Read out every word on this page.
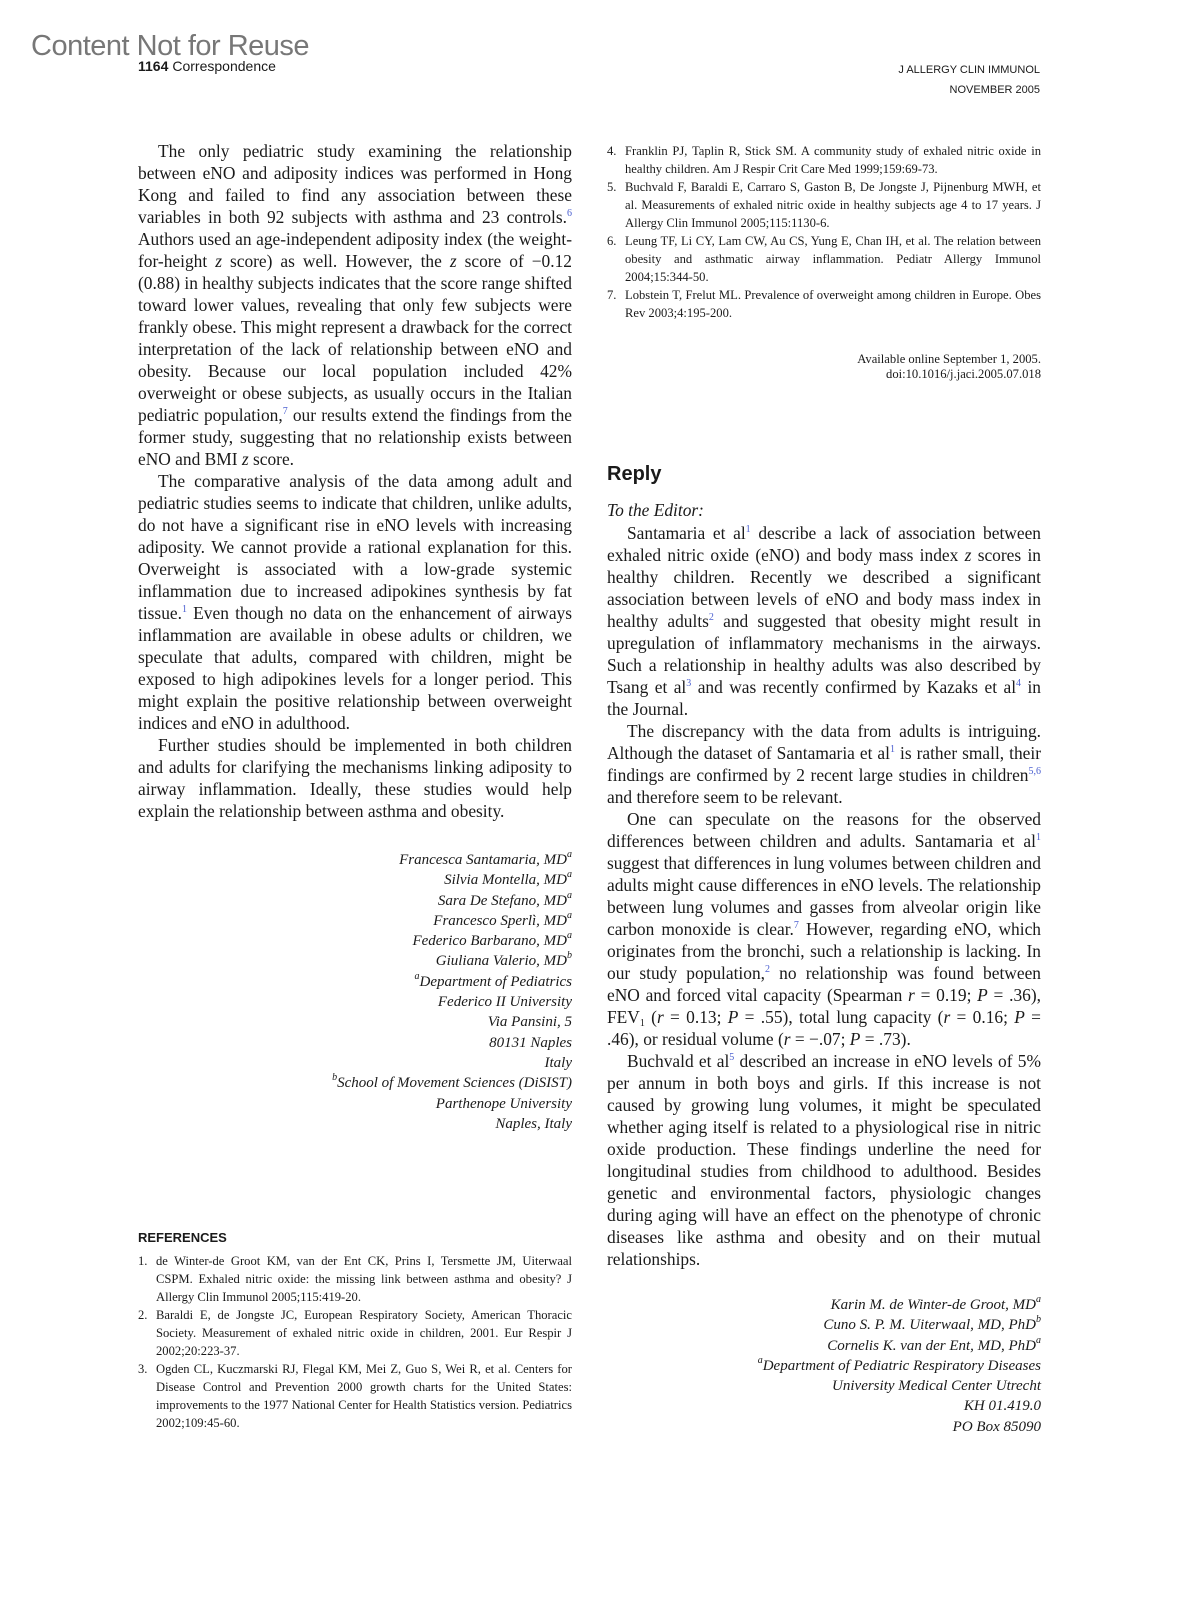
Content Not for Reuse
1164 Correspondence	J ALLERGY CLIN IMMUNOL
NOVEMBER 2005

The only pediatric study examining the relationship between eNO and adiposity indices was performed in Hong Kong and failed to find any association between these variables in both 92 subjects with asthma and 23 controls.$^6$ Authors used an age-independent adiposity index (the weight-for-height z score) as well. However, the z score of −0.12 (0.88) in healthy subjects indicates that the score range shifted toward lower values, revealing that only few subjects were frankly obese. This might represent a drawback for the correct interpretation of the lack of relationship between eNO and obesity. Because our local population included 42% overweight or obese subjects, as usually occurs in the Italian pediatric population,$^7$ our results extend the findings from the former study, suggesting that no relationship exists between eNO and BMI z score.

The comparative analysis of the data among adult and pediatric studies seems to indicate that children, unlike adults, do not have a significant rise in eNO levels with increasing adiposity. We cannot provide a rational explanation for this. Overweight is associated with a low-grade systemic inflammation due to increased adipokines synthesis by fat tissue.$^1$ Even though no data on the enhancement of airways inflammation are available in obese adults or children, we speculate that adults, compared with children, might be exposed to high adipokines levels for a longer period. This might explain the positive relationship between overweight indices and eNO in adulthood.

Further studies should be implemented in both children and adults for clarifying the mechanisms linking adiposity to airway inflammation. Ideally, these studies would help explain the relationship between asthma and obesity.

Francesca Santamaria, $MD^a$
Silvia Montella, $MD^a$
Sara De Stefano, $MD^a$
Francesco Sperlì, $MD^a$
Federico Barbarano, $MD^a$
Giuliana Valerio, $MD^b$
$^a$Department of Pediatrics
Federico II University
Via Pansini, 5
80131 Naples
Italy
$^b$School of Movement Sciences (DiSIST)
Parthenope University
Naples, Italy
REFERENCES
1. de Winter-de Groot KM, van der Ent CK, Prins I, Tersmette JM, Uiterwaal CSPM. Exhaled nitric oxide: the missing link between asthma and obesity? J Allergy Clin Immunol 2005;115:419-20.
2. Baraldi E, de Jongste JC, European Respiratory Society, American Thoracic Society. Measurement of exhaled nitric oxide in children, 2001. Eur Respir J 2002;20:223-37.
3. Ogden CL, Kuczmarski RJ, Flegal KM, Mei Z, Guo S, Wei R, et al. Centers for Disease Control and Prevention 2000 growth charts for the United States: improvements to the 1977 National Center for Health Statistics version. Pediatrics 2002;109:45-60.
4. Franklin PJ, Taplin R, Stick SM. A community study of exhaled nitric oxide in healthy children. Am J Respir Crit Care Med 1999;159:69-73.
5. Buchvald F, Baraldi E, Carraro S, Gaston B, De Jongste J, Pijnenburg MWH, et al. Measurements of exhaled nitric oxide in healthy subjects age 4 to 17 years. J Allergy Clin Immunol 2005;115:1130-6.
6. Leung TF, Li CY, Lam CW, Au CS, Yung E, Chan IH, et al. The relation between obesity and asthmatic airway inflammation. Pediatr Allergy Immunol 2004;15:344-50.
7. Lobstein T, Frelut ML. Prevalence of overweight among children in Europe. Obes Rev 2003;4:195-200.
Available online September 1, 2005.
doi:10.1016/j.jaci.2005.07.018
Reply
To the Editor:

Santamaria et al$^1$ describe a lack of association between exhaled nitric oxide (eNO) and body mass index z scores in healthy children. Recently we described a significant association between levels of eNO and body mass index in healthy adults$^2$ and suggested that obesity might result in upregulation of inflammatory mechanisms in the airways. Such a relationship in healthy adults was also described by Tsang et al$^3$ and was recently confirmed by Kazaks et al$^4$ in the Journal.

The discrepancy with the data from adults is intriguing. Although the dataset of Santamaria et al$^1$ is rather small, their findings are confirmed by 2 recent large studies in children$^{5,6}$ and therefore seem to be relevant.

One can speculate on the reasons for the observed differences between children and adults. Santamaria et al$^1$ suggest that differences in lung volumes between children and adults might cause differences in eNO levels. The relationship between lung volumes and gasses from alveolar origin like carbon monoxide is clear.$^7$ However, regarding eNO, which originates from the bronchi, such a relationship is lacking. In our study population,$^2$ no relationship was found between eNO and forced vital capacity (Spearman r = 0.19; P = .36), $FEV_1$ (r = 0.13; P = .55), total lung capacity (r = 0.16; P = .46), or residual volume (r = −.07; P = .73).

Buchvald et al$^5$ described an increase in eNO levels of 5% per annum in both boys and girls. If this increase is not caused by growing lung volumes, it might be speculated whether aging itself is related to a physiological rise in nitric oxide production. These findings underline the need for longitudinal studies from childhood to adulthood. Besides genetic and environmental factors, physiologic changes during aging will have an effect on the phenotype of chronic diseases like asthma and obesity and on their mutual relationships.

Karin M. de Winter-de Groot, $MD^a$
Cuno S. P. M. Uiterwaal, MD, PhD$^b$
Cornelis K. van der Ent, MD, PhD$^a$
$^a$Department of Pediatric Respiratory Diseases
University Medical Center Utrecht
KH 01.419.0
PO Box 85090
